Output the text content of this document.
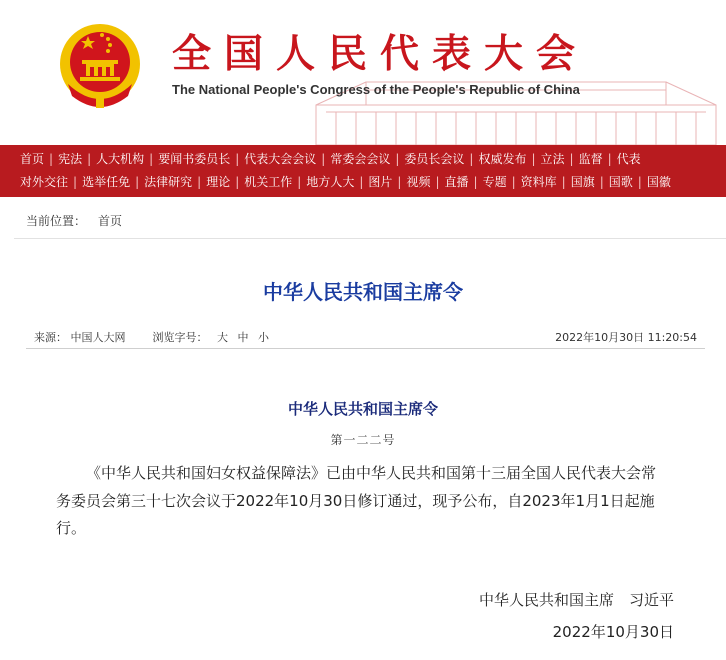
全国人民代表大会
The National People's Congress of the People's Republic of China
首页 | 宪法 | 人大机构 | 要闻书委员长 | 代表大会会议 | 常委会会议 | 委员长会议 | 权威发布 | 立法 | 监督 | 代表
对外交往 | 选举任免 | 法律研究 | 理论 | 机关工作 | 地方人大 | 图片 | 视频 | 直播 | 专题 | 资料库 | 国旗 | 国歌 | 国徽
当前位置： 首页
中华人民共和国主席令
来源： 中国人大网 浏览字号： 大 中 小	2022年10月30日 11:20:54
中华人民共和国主席令
第一二二号
《中华人民共和国妇女权益保障法》已由中华人民共和国第十三届全国人民代表大会常务委员会第三十七次会议于2022年10月30日修订通过，现予公布，自2023年1月1日起施行。
中华人民共和国主席　习近平
2022年10月30日
